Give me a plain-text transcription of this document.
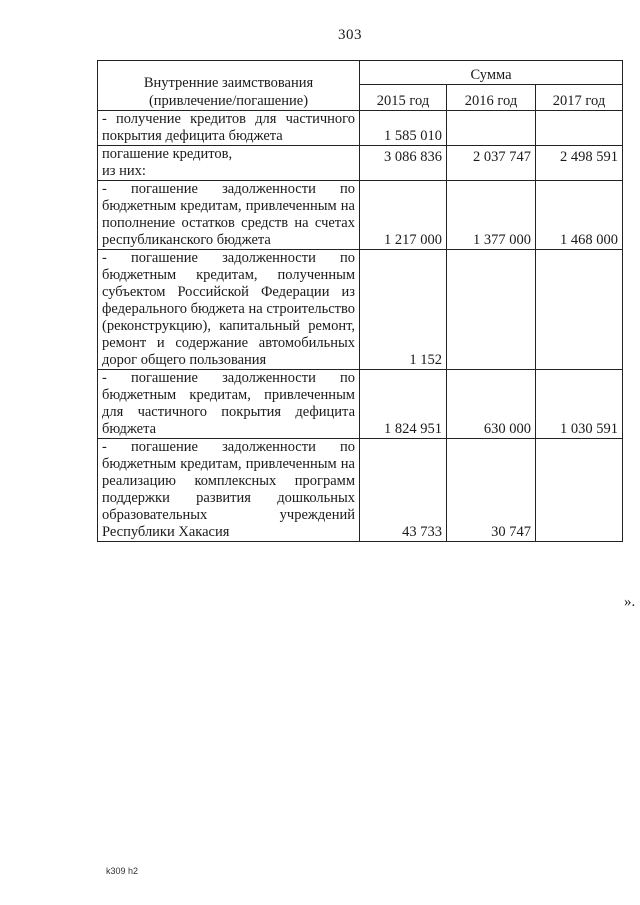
303
Внутренние заимствования
(привлечение/погашение)	Сумма		
	2015 год	2016 год	2017 год
- получение кредитов для частичного покрытия дефицита бюджета	1 585 010		

погашение кредитов,
из них:	3 086 836	2 037 747	2 498 591
- погашение задолженности по бюджетным кредитам, привлеченным на пополнение остатков средств на счетах республиканского бюджета	1 217 000	1 377 000	1 468 000
- погашение задолженности по бюджетным кредитам, полученным субъектом Российской Федерации из федерального бюджета на строительство (реконструкцию), капитальный ремонт, ремонт и содержание автомобильных дорог общего пользования	1 152		
- погашение задолженности по бюджетным кредитам, привлеченным для частичного покрытия дефицита бюджета	1 824 951	630 000	1 030 591
- погашение задолженности по бюджетным кредитам, привлеченным на реализацию комплексных программ поддержки развития дошкольных образовательных учреждений Республики Хакасия	43 733	30 747	
».
k309 h2
